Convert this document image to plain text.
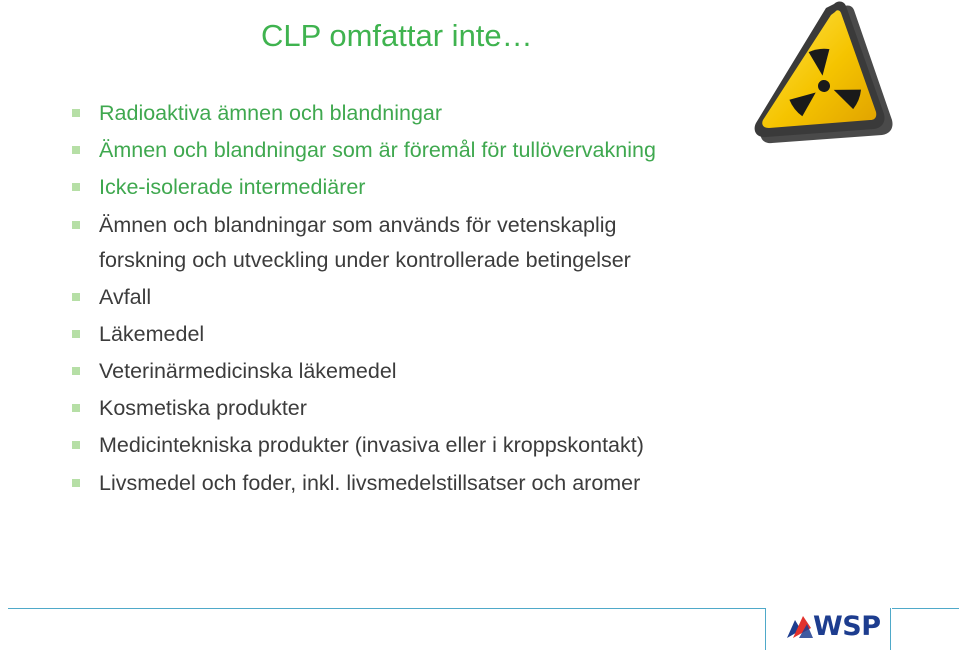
CLP omfattar inte…
Radioaktiva ämnen och blandningar
Ämnen och blandningar som är föremål för tullövervakning
Icke-isolerade intermediärer
Ämnen och blandningar som används för vetenskaplig forskning och utveckling under kontrollerade betingelser
Avfall
Läkemedel
Veterinärmedicinska läkemedel
Kosmetiska produkter
Medicintekniska produkter (invasiva eller i kroppskontakt)
Livsmedel och foder, inkl. livsmedelstillsatser och aromer
WSP
